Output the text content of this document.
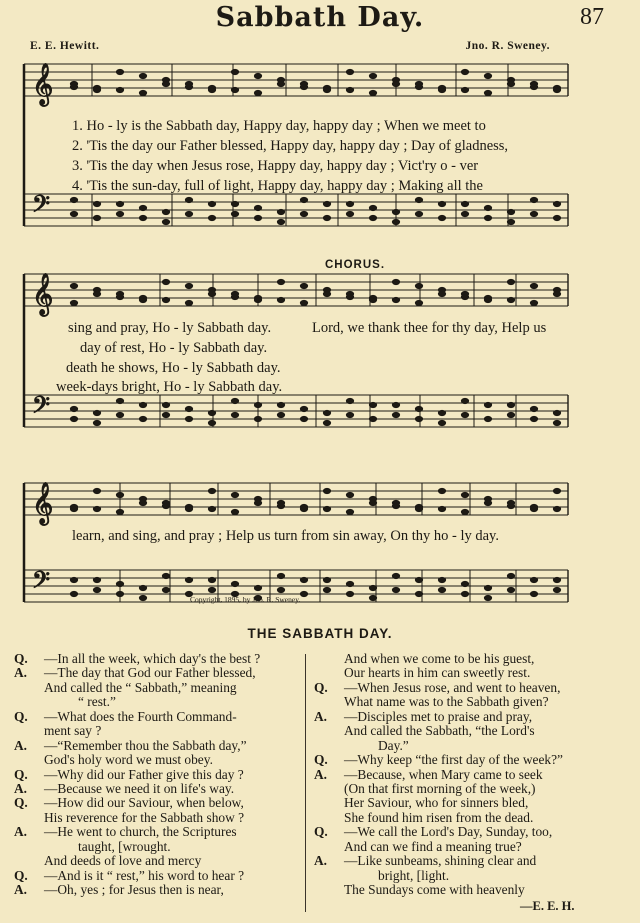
Sabbath Day.	87
E. E. Hewitt.	Jno. R. Sweney.
𝄞
𝄢
𝄞
𝄢
𝄞
𝄢
1. Ho - ly is the Sabbath day, Happy day, happy day ; When we meet to
2. 'Tis the day our Father blessed, Happy day, happy day ; Day of gladness,
3. 'Tis the day when Jesus rose, Happy day, happy day ; Vict'ry o - ver
4. 'Tis the sun-day, full of light, Happy day, happy day ; Making all the
CHORUS.
sing and pray, Ho - ly Sabbath day.	Lord, we thank thee for thy day, Help us
day of rest, Ho - ly Sabbath day.
death he shows, Ho - ly Sabbath day.
week-days bright, Ho - ly Sabbath day.
learn, and sing, and pray ; Help us turn from sin away, On thy ho - ly day.
Copyright, 1895, by Jno. R. Sweney.
THE SABBATH DAY.
Q. —In all the week, which day's the best ?
A. —The day that God our Father blessed,
And called the “ Sabbath,” meaning
“ rest.”
Q. —What does the Fourth Command-
ment say ?
A. —“Remember thou the Sabbath day,”
God's holy word we must obey.
Q. —Why did our Father give this day ?
A. —Because we need it on life's way.
Q. —How did our Saviour, when below,
His reverence for the Sabbath show ?
A. —He went to church, the Scriptures
taught, [wrought.
And deeds of love and mercy
Q. —And is it “ rest,” his word to hear ?
A. —Oh, yes ; for Jesus then is near,
And when we come to be his guest,
Our hearts in him can sweetly rest.
Q. —When Jesus rose, and went to heaven,
What name was to the Sabbath given?
A. —Disciples met to praise and pray,
And called the Sabbath, “the Lord's
Day.”
Q. —Why keep “the first day of the week?”
A. —Because, when Mary came to seek
(On that first morning of the week,)
Her Saviour, who for sinners bled,
She found him risen from the dead.
Q. —We call the Lord's Day, Sunday, too,
And can we find a meaning true?
A. —Like sunbeams, shining clear and
bright, [light.
The Sundays come with heavenly
—E. E. H.
